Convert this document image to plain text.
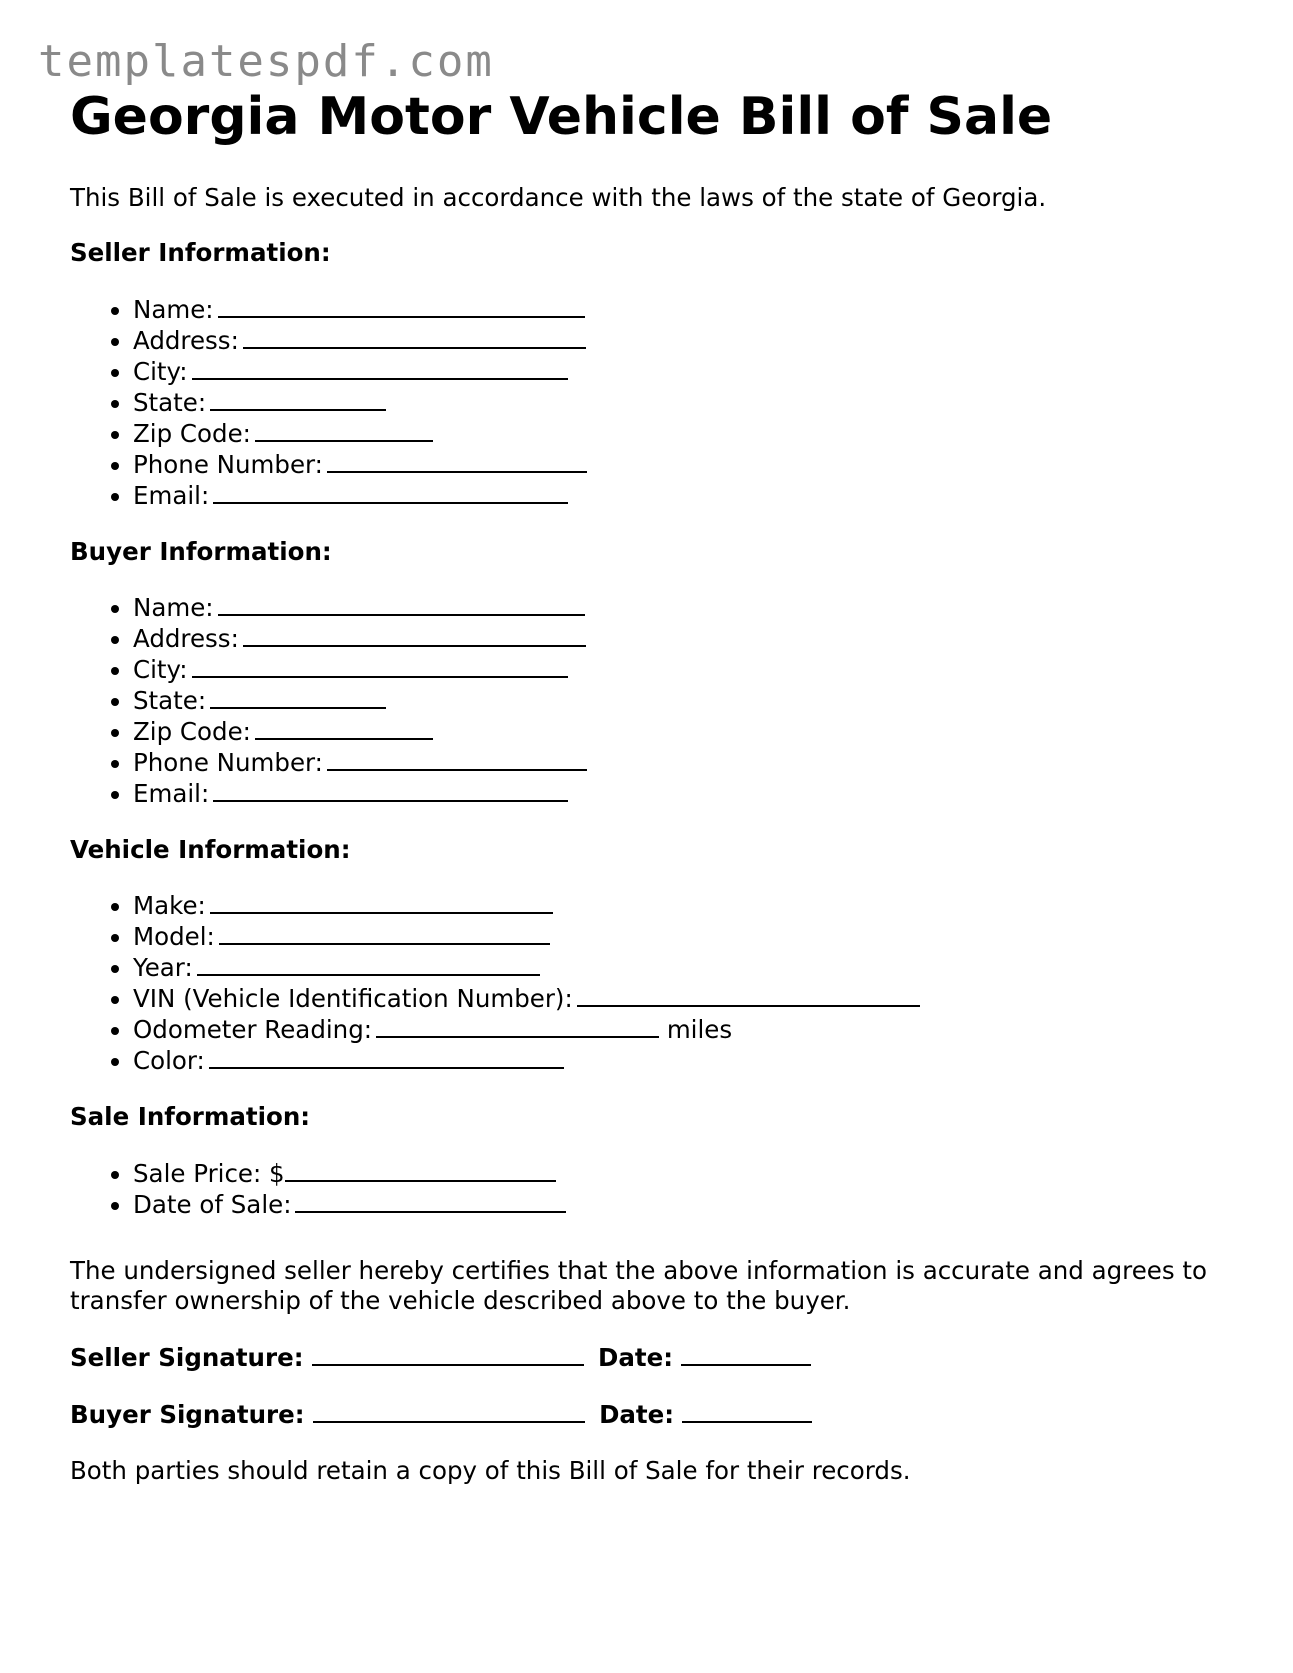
templatespdf.com
Georgia Motor Vehicle Bill of Sale

This Bill of Sale is executed in accordance with the laws of the state of Georgia.

Seller Information:

• Name:
• Address:
• City:
• State:
• Zip Code:
• Phone Number:
• Email:

Buyer Information:

• Name:
• Address:
• City:
• State:
• Zip Code:
• Phone Number:
• Email:

Vehicle Information:

• Make:
• Model:
• Year:
• VIN (Vehicle Identification Number):
• Odometer Reading:	miles
• Color:

Sale Information:

• Sale Price: $
• Date of Sale:

The undersigned seller hereby certifies that the above information is accurate and agrees to transfer ownership of the vehicle described above to the buyer.

Seller Signature:	Date:

Buyer Signature:	Date:

Both parties should retain a copy of this Bill of Sale for their records.
